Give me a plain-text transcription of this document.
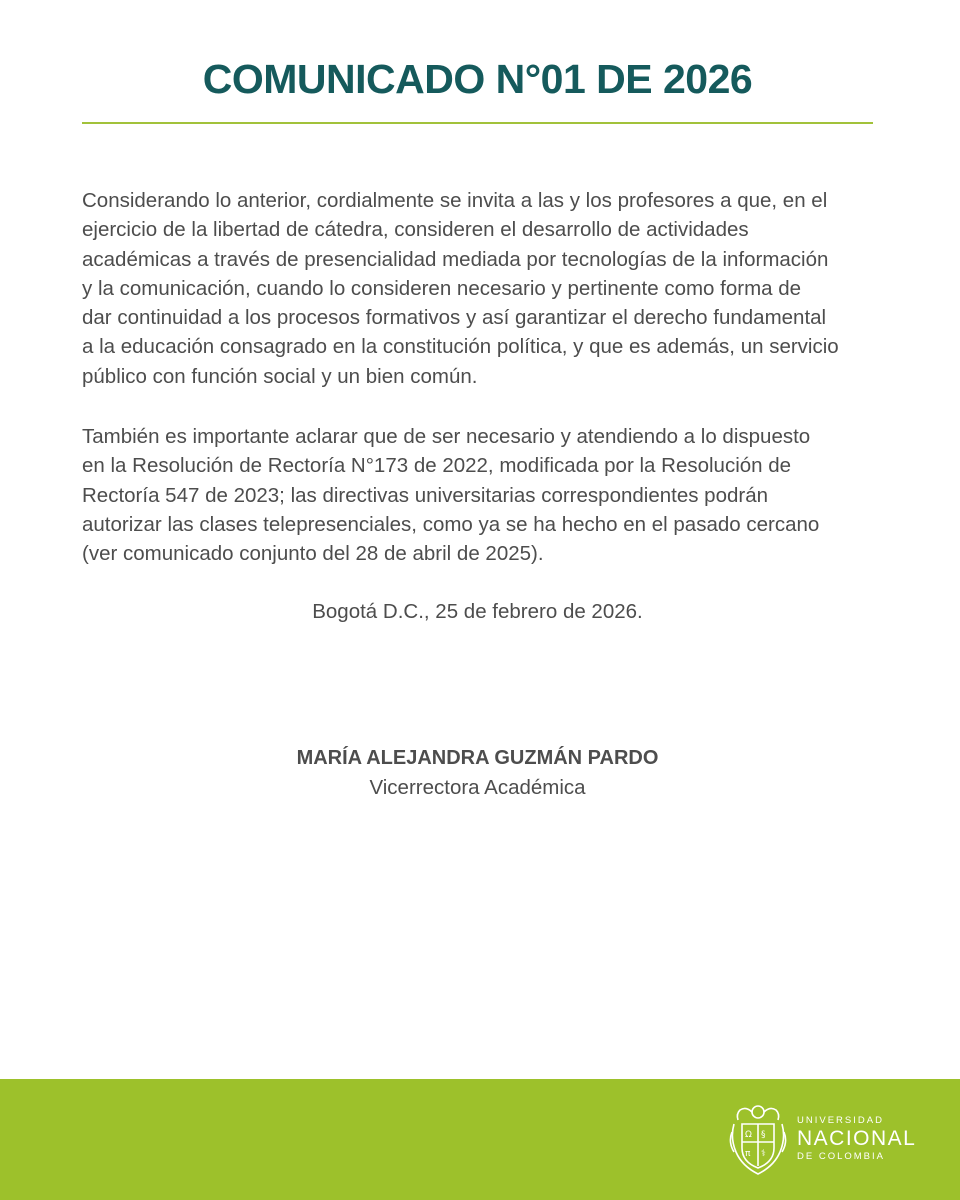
COMUNICADO N°01 DE 2026

Considerando lo anterior, cordialmente se invita a las y los profesores a que, en el
ejercicio de la libertad de cátedra, consideren el desarrollo de actividades
académicas a través de presencialidad mediada por tecnologías de la información
y la comunicación, cuando lo consideren necesario y pertinente como forma de
dar continuidad a los procesos formativos y así garantizar el derecho fundamental
a la educación consagrado en la constitución política, y que es además, un servicio
público con función social y un bien común.

También es importante aclarar que de ser necesario y atendiendo a lo dispuesto
en la Resolución de Rectoría N°173 de 2022, modificada por la Resolución de
Rectoría 547 de 2023; las directivas universitarias correspondientes podrán
autorizar las clases telepresenciales, como ya se ha hecho en el pasado cercano
(ver comunicado conjunto del 28 de abril de 2025).

Bogotá D.C., 25 de febrero de 2026.
MARÍA ALEJANDRA GUZMÁN PARDO
Vicerrectora Académica
Ω §
π ⚕
UNIVERSIDAD
NACIONAL
DE COLOMBIA
